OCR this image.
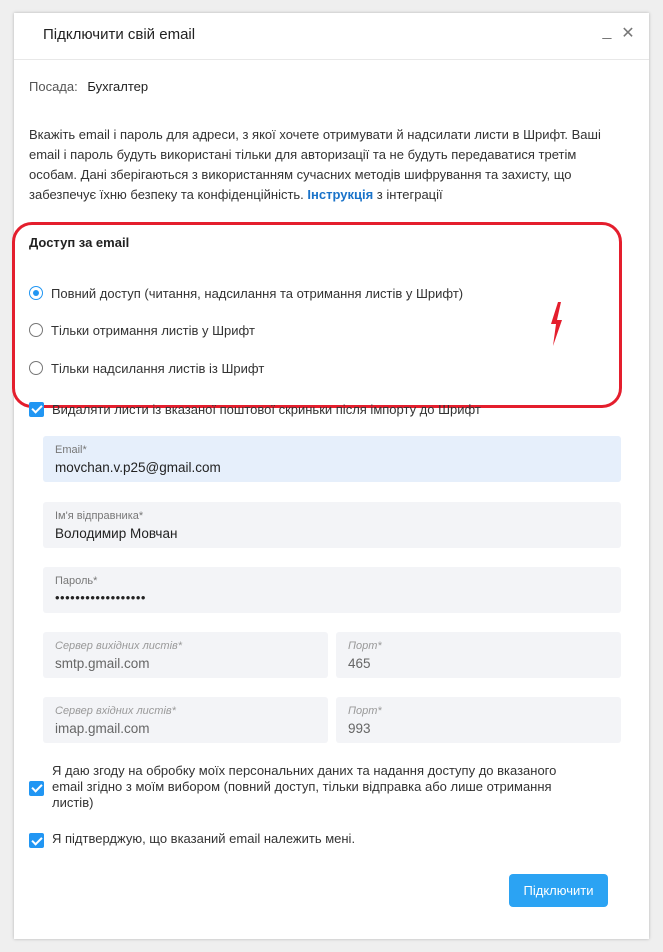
Підключити свій email	_ ✕
Посада: Бухгалтер
Вкажіть email і пароль для адреси, з якої хочете отримувати й надсилати листи в Шрифт. Ваші email і пароль будуть використані тільки для авторизації та не будуть передаватися третім особам. Дані зберігаються з використанням сучасних методів шифрування та захисту, що забезпечує їхню безпеку та конфіденційність. Інструкція з інтеграції
Доступ за email
Повний доступ (читання, надсилання та отримання листів у Шрифт)
Тільки отримання листів у Шрифт
Тільки надсилання листів із Шрифт
Видаляти листи із вказаної поштової скриньки після імпорту до Шрифт
Email*
movchan.v.p25@gmail.com
Ім'я відправника*
Володимир Мовчан
Пароль*
••••••••••••••••••
Сервер вихідних листів*
smtp.gmail.com
Порт*
465
Сервер вхідних листів*
imap.gmail.com
Порт*
993
Я даю згоду на обробку моїх персональних даних та надання доступу до вказаного email згідно з моїм вибором (повний доступ, тільки відправка або лише отримання листів)
Я підтверджую, що вказаний email належить мені.
Підключити
